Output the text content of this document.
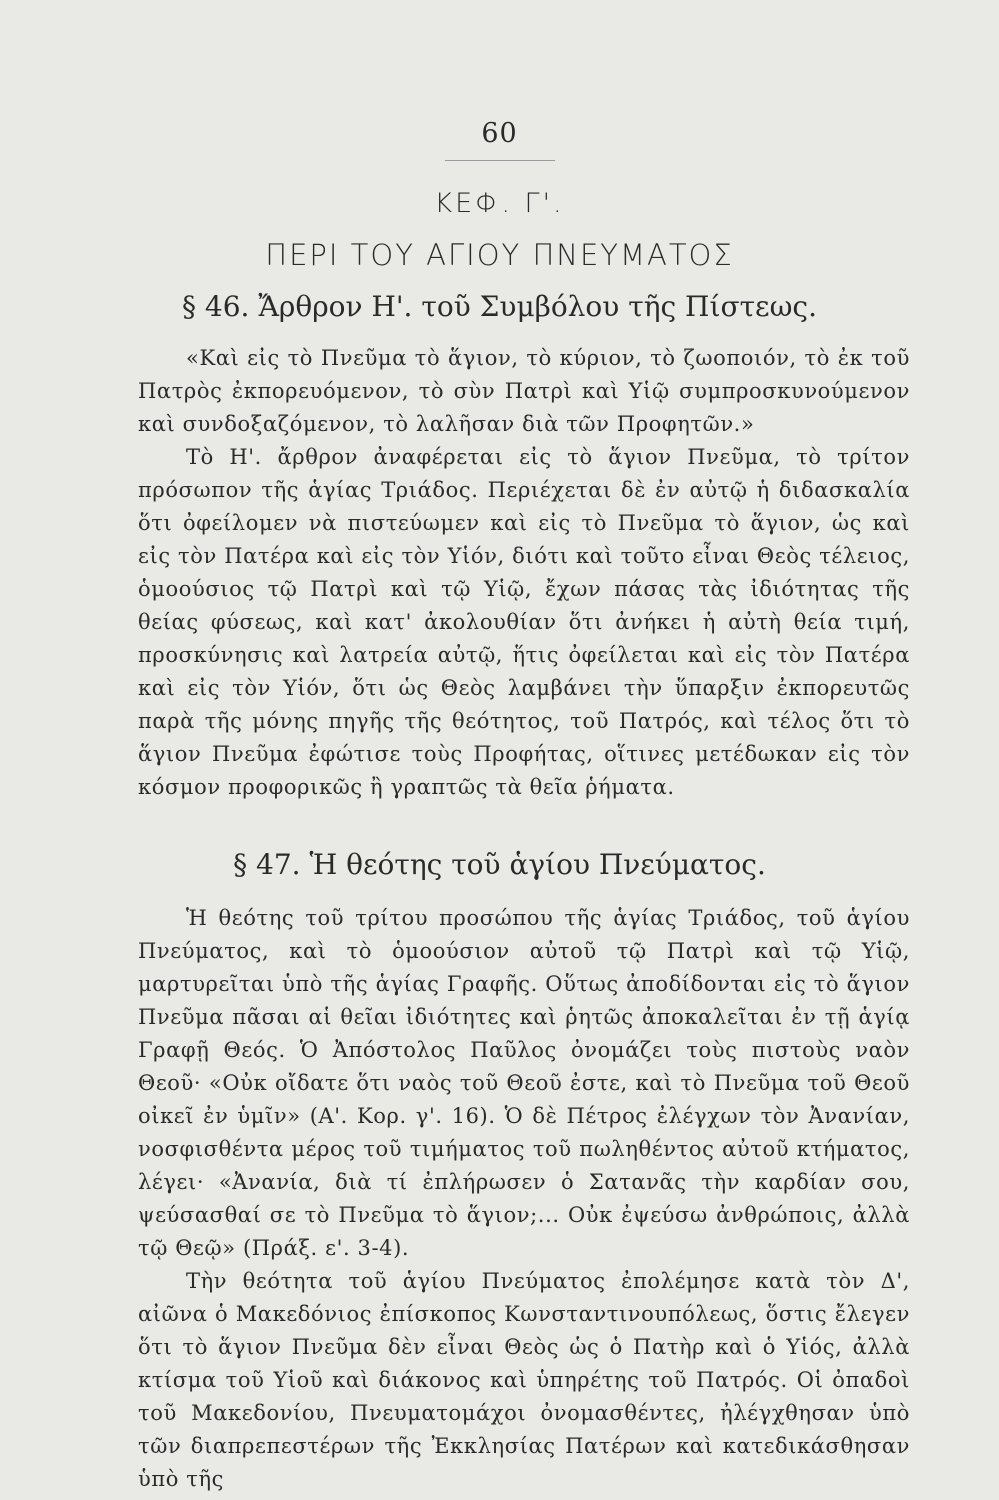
60
ΚΕΦ. Γ'.
ΠΕΡΙ ΤΟΥ ΑΓΙΟΥ ΠΝΕΥΜΑΤΟΣ
§ 46. Ἄρθρον Η'. τοῦ Συμβόλου τῆς Πίστεως.

«Καὶ εἰς τὸ Πνεῦμα τὸ ἅγιον, τὸ κύριον, τὸ ζωοποιόν, τὸ ἐκ τοῦ Πατρὸς ἐκπορευόμενον, τὸ σὺν Πατρὶ καὶ Υἱῷ συμπροσκυνούμενον καὶ συνδοξαζόμενον, τὸ λαλῆσαν διὰ τῶν Προφητῶν.»

Τὸ Η'. ἄρθρον ἀναφέρεται εἰς τὸ ἅγιον Πνεῦμα, τὸ τρίτον πρόσωπον τῆς ἁγίας Τριάδος. Περιέχεται δὲ ἐν αὐτῷ ἡ διδασκαλία ὅτι ὀφείλομεν νὰ πιστεύωμεν καὶ εἰς τὸ Πνεῦμα τὸ ἅγιον, ὡς καὶ εἰς τὸν Πατέρα καὶ εἰς τὸν Υἱόν, διότι καὶ τοῦτο εἶναι Θεὸς τέλειος, ὁμοούσιος τῷ Πατρὶ καὶ τῷ Υἱῷ, ἔχων πάσας τὰς ἰδιότητας τῆς θείας φύσεως, καὶ κατ' ἀκολουθίαν ὅτι ἀνήκει ἡ αὐτὴ θεία τιμή, προσκύνησις καὶ λατρεία αὐτῷ, ἥτις ὀφείλεται καὶ εἰς τὸν Πατέρα καὶ εἰς τὸν Υἱόν, ὅτι ὡς Θεὸς λαμβάνει τὴν ὕπαρξιν ἐκπορευτῶς παρὰ τῆς μόνης πηγῆς τῆς θεότητος, τοῦ Πατρός, καὶ τέλος ὅτι τὸ ἅγιον Πνεῦμα ἐφώτισε τοὺς Προφήτας, οἵτινες μετέδωκαν εἰς τὸν κόσμον προφορικῶς ἢ γραπτῶς τὰ θεῖα ῥήματα.

§ 47. Ἡ θεότης τοῦ ἁγίου Πνεύματος.

Ἡ θεότης τοῦ τρίτου προσώπου τῆς ἁγίας Τριάδος, τοῦ ἁγίου Πνεύματος, καὶ τὸ ὁμοούσιον αὐτοῦ τῷ Πατρὶ καὶ τῷ Υἱῷ, μαρτυρεῖται ὑπὸ τῆς ἁγίας Γραφῆς. Οὕτως ἀποδίδονται εἰς τὸ ἅγιον Πνεῦμα πᾶσαι αἱ θεῖαι ἰδιότητες καὶ ῥητῶς ἀποκαλεῖται ἐν τῇ ἁγίᾳ Γραφῇ Θεός. Ὁ Ἀπόστολος Παῦλος ὀνομάζει τοὺς πιστοὺς ναὸν Θεοῦ· «Οὐκ οἴδατε ὅτι ναὸς τοῦ Θεοῦ ἐστε, καὶ τὸ Πνεῦμα τοῦ Θεοῦ οἰκεῖ ἐν ὑμῖν» (Α'. Κορ. γ'. 16). Ὁ δὲ Πέτρος ἐλέγχων τὸν Ἀνανίαν, νοσφισθέντα μέρος τοῦ τιμήματος τοῦ πωληθέντος αὐτοῦ κτήματος, λέγει· «Ἀνανία, διὰ τί ἐπλήρωσεν ὁ Σατανᾶς τὴν καρδίαν σου, ψεύσασθαί σε τὸ Πνεῦμα τὸ ἅγιον;... Οὐκ ἐψεύσω ἀνθρώποις, ἀλλὰ τῷ Θεῷ» (Πράξ. ε'. 3-4).

Τὴν θεότητα τοῦ ἁγίου Πνεύματος ἐπολέμησε κατὰ τὸν Δ', αἰῶνα ὁ Μακεδόνιος ἐπίσκοπος Κωνσταντινουπόλεως, ὅστις ἔλεγεν ὅτι τὸ ἅγιον Πνεῦμα δὲν εἶναι Θεὸς ὡς ὁ Πατὴρ καὶ ὁ Υἱός, ἀλλὰ κτίσμα τοῦ Υἱοῦ καὶ διάκονος καὶ ὑπηρέτης τοῦ Πατρός. Οἱ ὀπαδοὶ τοῦ Μακεδονίου, Πνευματομάχοι ὀνομασθέντες, ἠλέγχθησαν ὑπὸ τῶν διαπρεπεστέρων τῆς Ἐκκλησίας Πατέρων καὶ κατεδικάσθησαν ὑπὸ τῆς
